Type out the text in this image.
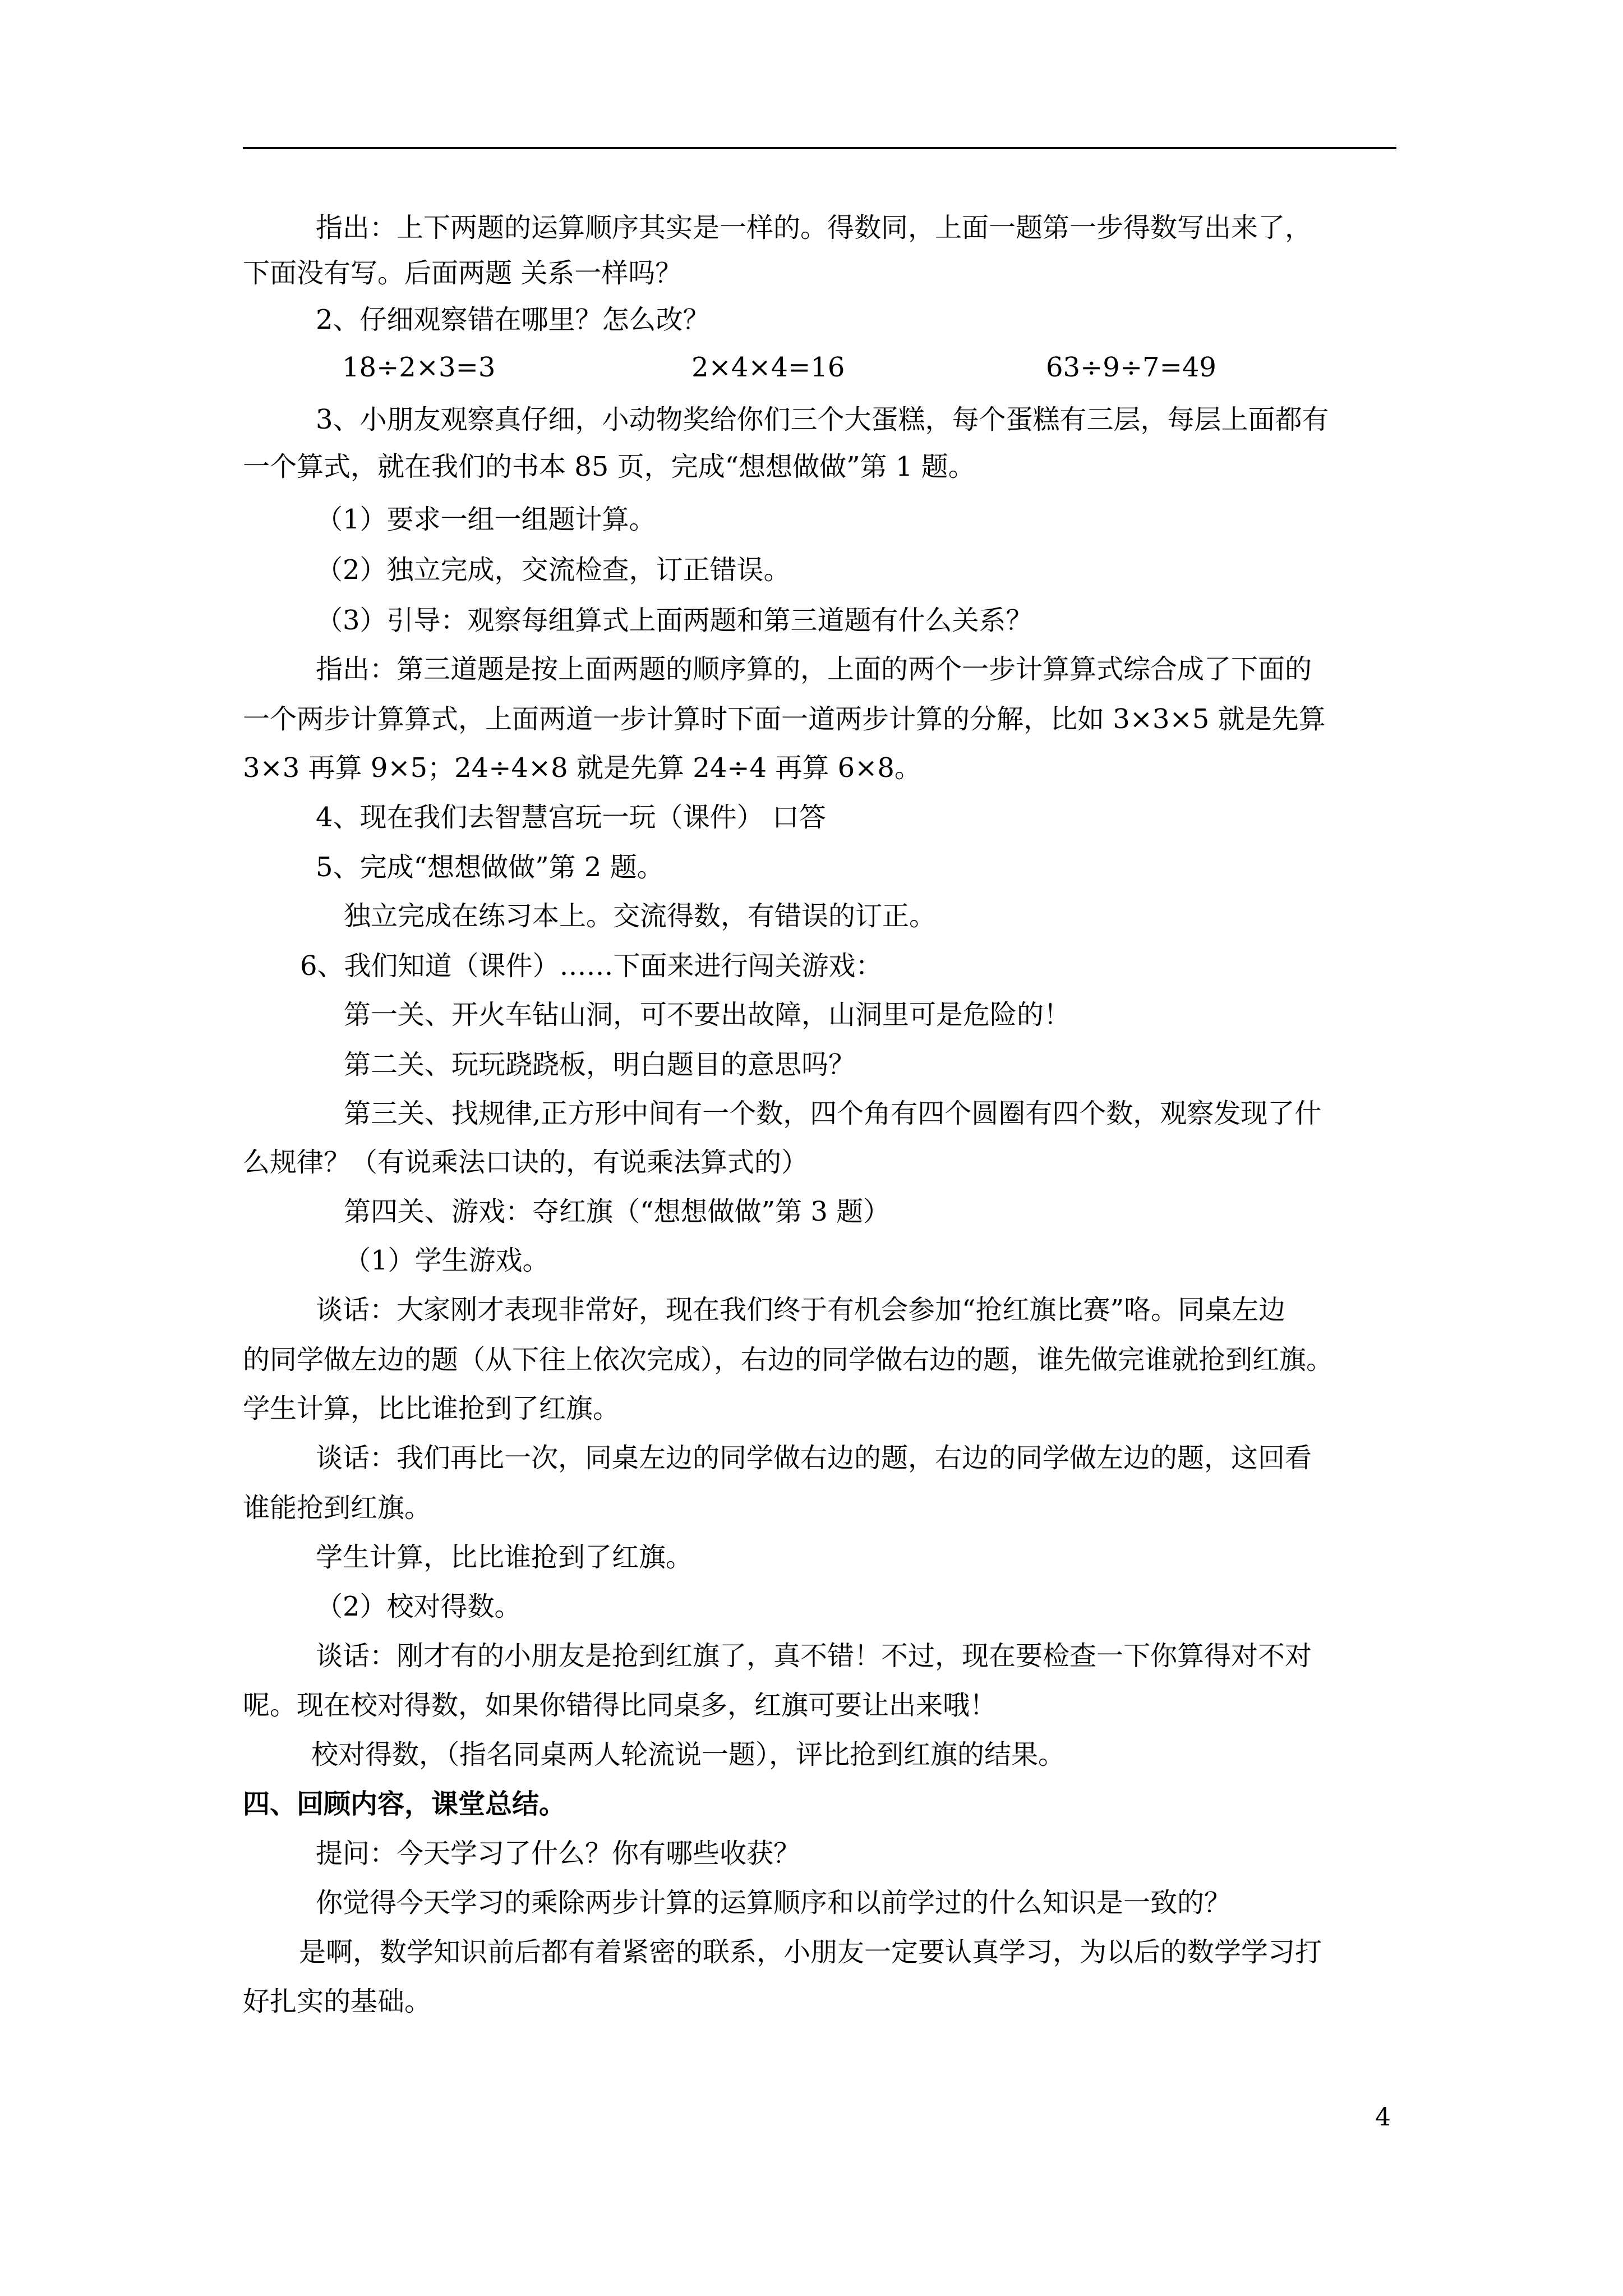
指出：上下两题的运算顺序其实是一样的。得数同，上面一题第一步得数写出来了，
下面没有写。后面两题 关系一样吗？
2、仔细观察错在哪里？怎么改？
18÷2×3=3	2×4×4=16	63÷9÷7=49
3、小朋友观察真仔细，小动物奖给你们三个大蛋糕，每个蛋糕有三层，每层上面都有
一个算式，就在我们的书本 85 页，完成“想想做做”第 1 题。
（1）要求一组一组题计算。
（2）独立完成，交流检查，订正错误。
（3）引导：观察每组算式上面两题和第三道题有什么关系？
指出：第三道题是按上面两题的顺序算的，上面的两个一步计算算式综合成了下面的
一个两步计算算式，上面两道一步计算时下面一道两步计算的分解，比如 3×3×5 就是先算
3×3 再算 9×5；24÷4×8 就是先算 24÷4 再算 6×8。
4、现在我们去智慧宫玩一玩（课件） 口答
5、完成“想想做做”第 2 题。
独立完成在练习本上。交流得数，有错误的订正。
6、我们知道（课件）……下面来进行闯关游戏：
第一关、开火车钻山洞，可不要出故障，山洞里可是危险的！
第二关、玩玩跷跷板，明白题目的意思吗？
第三关、找规律,正方形中间有一个数，四个角有四个圆圈有四个数，观察发现了什
么规律？（有说乘法口诀的，有说乘法算式的）
第四关、游戏：夺红旗（“想想做做”第 3 题）
（1）学生游戏。
谈话：大家刚才表现非常好，现在我们终于有机会参加“抢红旗比赛”咯。同桌左边
的同学做左边的题（从下往上依次完成），右边的同学做右边的题，谁先做完谁就抢到红旗。
学生计算，比比谁抢到了红旗。
谈话：我们再比一次，同桌左边的同学做右边的题，右边的同学做左边的题，这回看
谁能抢到红旗。
学生计算，比比谁抢到了红旗。
（2）校对得数。
谈话：刚才有的小朋友是抢到红旗了，真不错！不过，现在要检查一下你算得对不对
呢。现在校对得数，如果你错得比同桌多，红旗可要让出来哦！
校对得数，（指名同桌两人轮流说一题），评比抢到红旗的结果。
四、回顾内容，课堂总结。
提问：今天学习了什么？你有哪些收获？
你觉得今天学习的乘除两步计算的运算顺序和以前学过的什么知识是一致的？
是啊，数学知识前后都有着紧密的联系，小朋友一定要认真学习，为以后的数学学习打
好扎实的基础。
4
